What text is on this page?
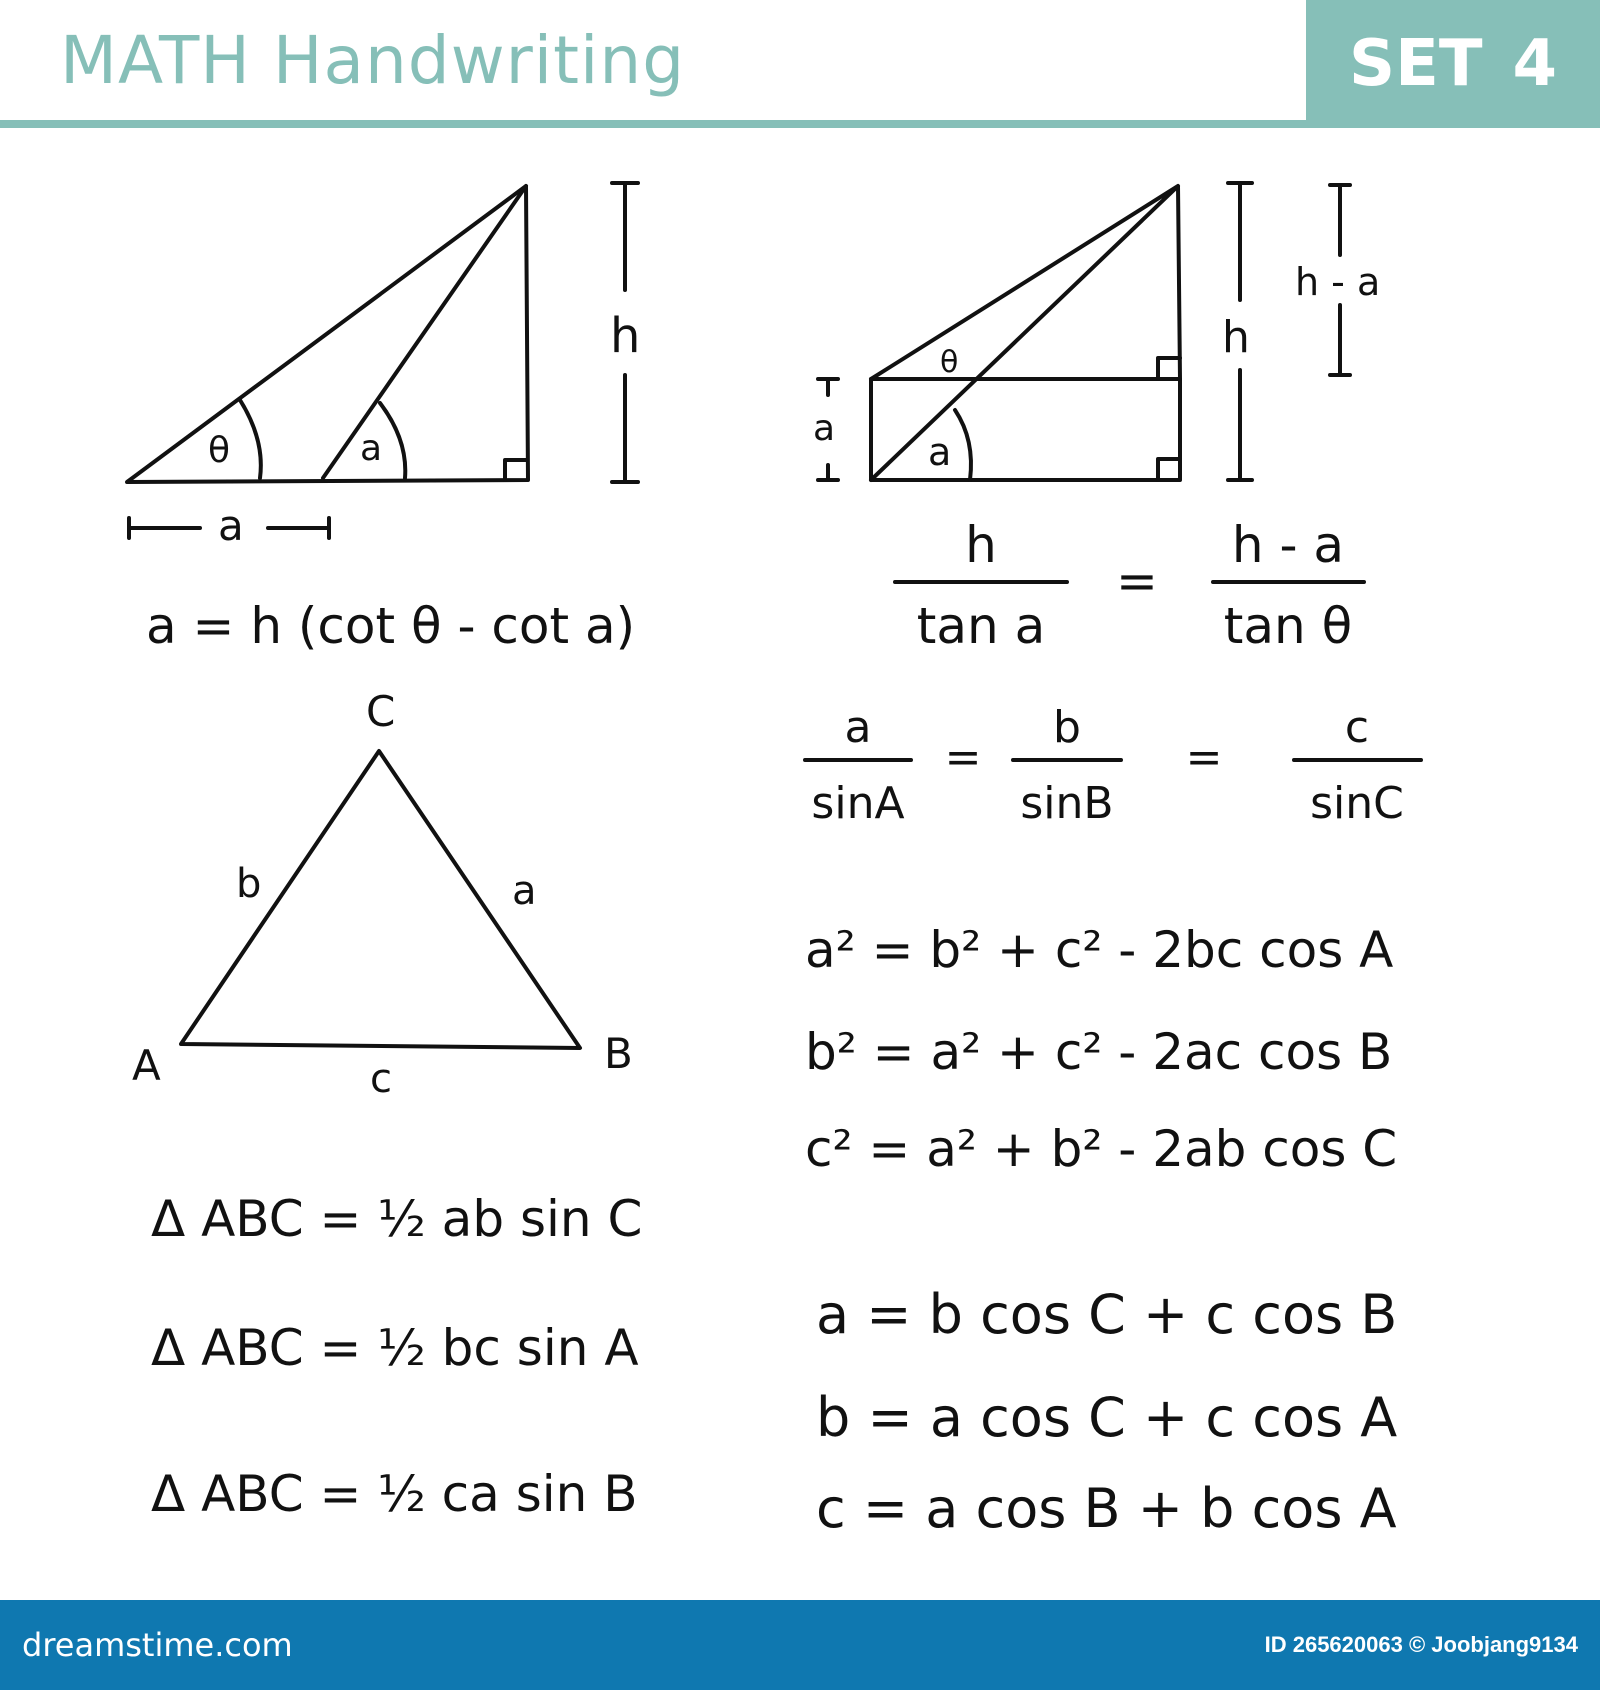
MATH Handwriting	SET 4
θ	a
h
a
a = h (cot θ - cot a)
θ
a
h
h - a
a
h
tan a
=
h - a
tan θ
a
sinA
=
b
sinB
=
c
sinC
C
A	B
b	a
c
a² = b² + c² - 2bc cos A
b² = a² + c² - 2ac cos B
c² = a² + b² - 2ab cos C
Δ ABC = ½ ab sin C
Δ ABC = ½ bc sin A
Δ ABC = ½ ca sin B
a = b cos C + c cos B
b = a cos C + c cos A
c = a cos B + b cos A
dreamstime.com	ID 265620063 © Joobjang9134
